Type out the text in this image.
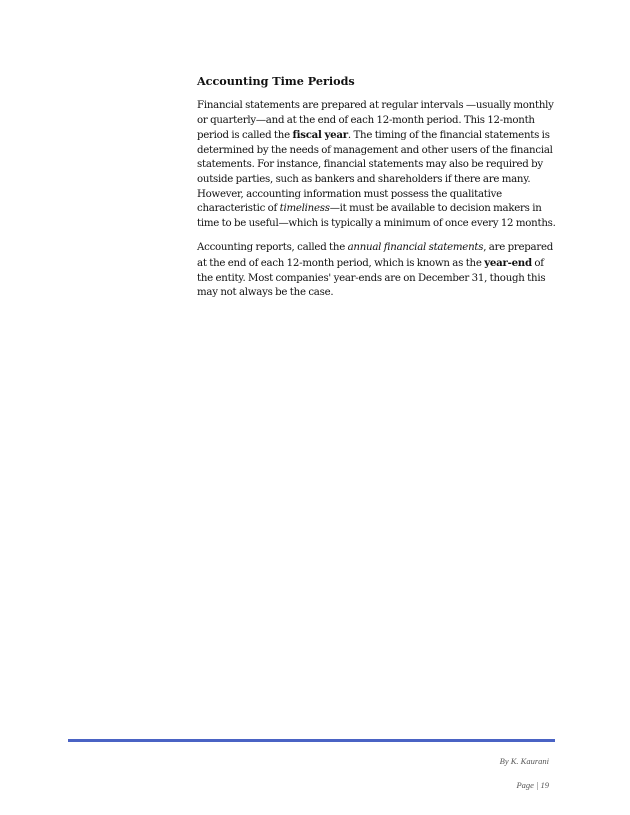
Accounting Time Periods

Financial statements are prepared at regular intervals —usually monthly or quarterly—and at the end of each 12-month period. This 12-month period is called the fiscal year. The timing of the financial statements is determined by the needs of management and other users of the financial statements. For instance, financial statements may also be required by outside parties, such as bankers and shareholders if there are many. However, accounting information must possess the qualitative characteristic of timeliness—it must be available to decision makers in time to be useful—which is typically a minimum of once every 12 months.

Accounting reports, called the annual financial statements, are prepared at the end of each 12-month period, which is known as the year-end of the entity. Most companies' year-ends are on December 31, though this may not always be the case.

By K. Kaurani
Page | 19
